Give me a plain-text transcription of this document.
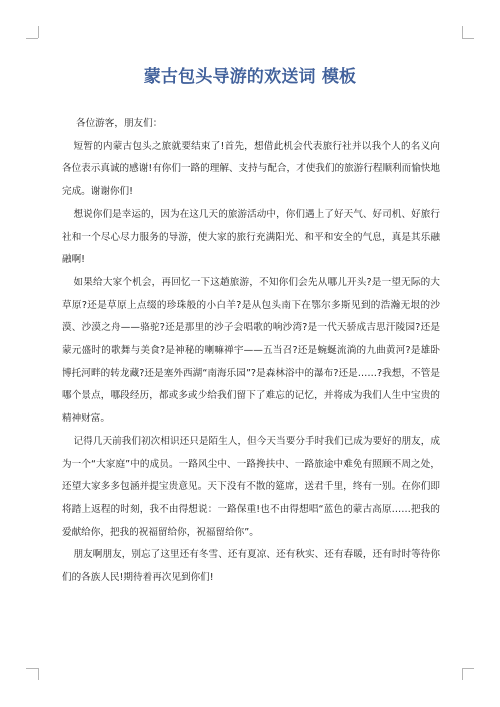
蒙古包头导游的欢送词 模板

各位游客，朋友们：

短暂的内蒙古包头之旅就要结束了!首先，想借此机会代表旅行社并以我个人的名义向各位表示真诚的感谢!有你们一路的理解、支持与配合，才使我们的旅游行程顺利而愉快地完成。谢谢你们!

想说你们是幸运的，因为在这几天的旅游活动中，你们遇上了好天气、好司机、好旅行社和一个尽心尽力服务的导游，使大家的旅行充满阳光、和平和安全的气息，真是其乐融融啊!

如果给大家个机会，再回忆一下这趟旅游，不知你们会先从哪儿开头?是一望无际的大草原?还是草原上点缀的珍珠般的小白羊?是从包头南下在鄂尔多斯见到的浩瀚无垠的沙漠、沙漠之舟——骆驼?还是那里的沙子会唱歌的响沙湾?是一代天骄成吉思汗陵园?还是蒙元盛时的歌舞与美食?是神秘的喇嘛禅宇——五当召?还是蜿蜒流淌的九曲黄河?是雄卧博托河畔的转龙藏?还是塞外西湖“南海乐园”?是森林浴中的瀑布?还是……?我想，不管是哪个景点，哪段经历，都或多或少给我们留下了难忘的记忆，并将成为我们人生中宝贵的精神财富。

记得几天前我们初次相识还只是陌生人，但今天当要分手时我们已成为要好的朋友，成为一个“大家庭”中的成员。一路风尘中、一路搀扶中、一路旅途中难免有照顾不周之处，还望大家多多包涵并提宝贵意见。天下没有不散的筵席，送君千里，终有一别。在你们即将踏上返程的时刻，我不由得想说：一路保重!也不由得想唱“蓝色的蒙古高原……把我的爱献给你，把我的祝福留给你，祝福留给你”。

朋友啊朋友，别忘了这里还有冬雪、还有夏凉、还有秋实、还有春暖，还有时时等待你们的各族人民!期待着再次见到你们!
